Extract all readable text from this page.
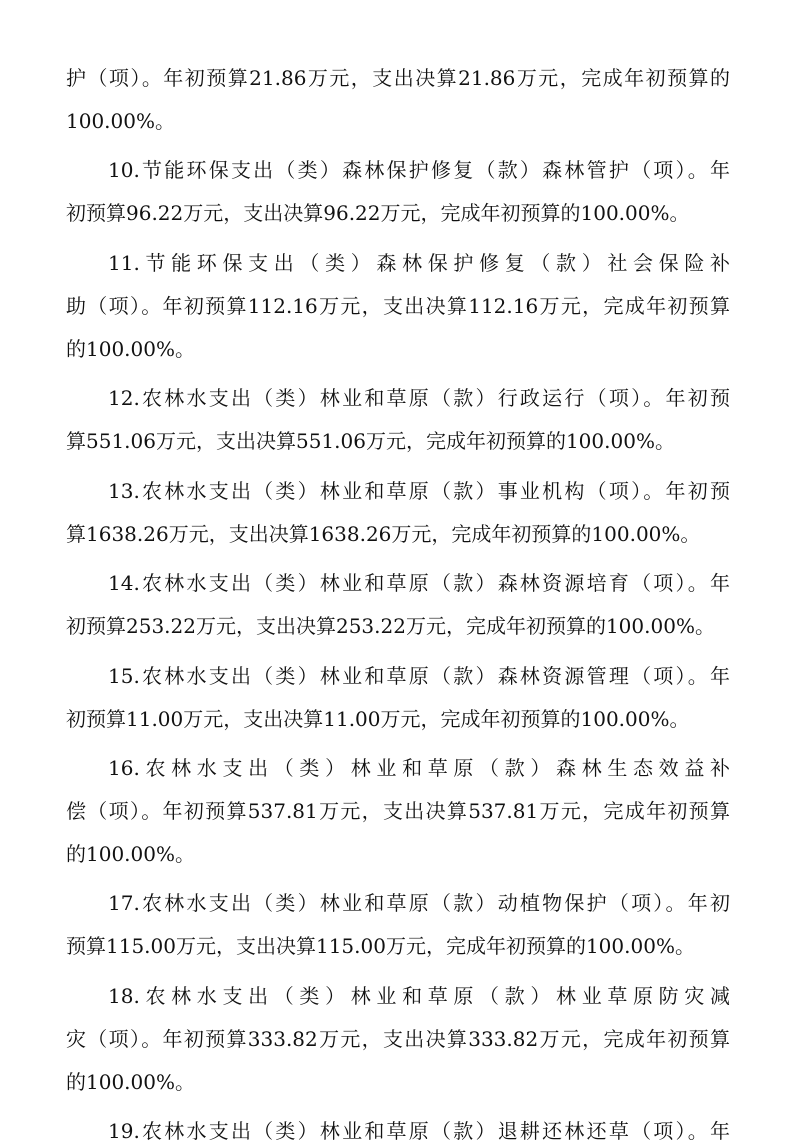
护（项）。年初预算21.86万元，支出决算21.86万元，完成年初预算的
100.00%。
10.节能环保支出（类）森林保护修复（款）森林管护（项）。年
初预算96.22万元，支出决算96.22万元，完成年初预算的100.00%。
11.节能环保支出（类）森林保护修复（款）社会保险补
助（项）。年初预算112.16万元，支出决算112.16万元，完成年初预算
的100.00%。
12.农林水支出（类）林业和草原（款）行政运行（项）。年初预
算551.06万元，支出决算551.06万元，完成年初预算的100.00%。
13.农林水支出（类）林业和草原（款）事业机构（项）。年初预
算1638.26万元，支出决算1638.26万元，完成年初预算的100.00%。
14.农林水支出（类）林业和草原（款）森林资源培育（项）。年
初预算253.22万元，支出决算253.22万元，完成年初预算的100.00%。
15.农林水支出（类）林业和草原（款）森林资源管理（项）。年
初预算11.00万元，支出决算11.00万元，完成年初预算的100.00%。
16.农林水支出（类）林业和草原（款）森林生态效益补
偿（项）。年初预算537.81万元，支出决算537.81万元，完成年初预算
的100.00%。
17.农林水支出（类）林业和草原（款）动植物保护（项）。年初
预算115.00万元，支出决算115.00万元，完成年初预算的100.00%。
18.农林水支出（类）林业和草原（款）林业草原防灾减
灾（项）。年初预算333.82万元，支出决算333.82万元，完成年初预算
的100.00%。
19.农林水支出（类）林业和草原（款）退耕还林还草（项）。年
